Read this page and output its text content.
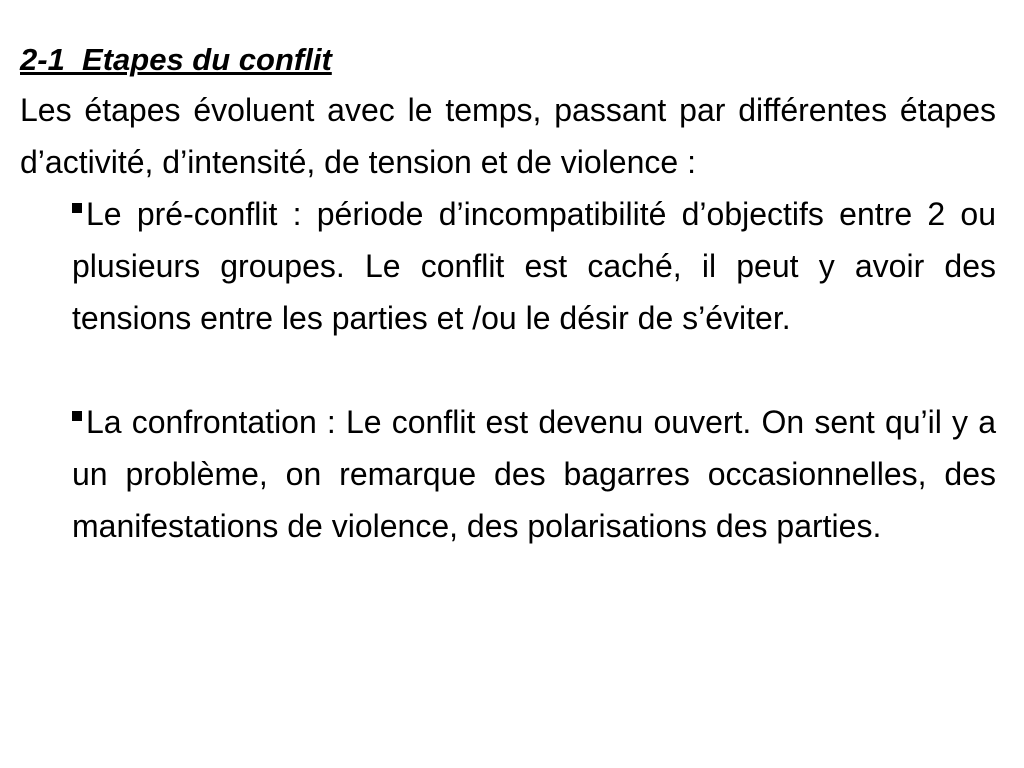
2-1  Etapes du conflit

Les étapes évoluent avec le temps, passant par différentes étapes d’activité, d’intensité, de tension et de violence :

Le pré-conflit : période d’incompatibilité d’objectifs entre 2 ou plusieurs groupes. Le conflit est caché, il peut y avoir des tensions entre les parties et /ou le désir de s’éviter.
La confrontation : Le conflit est devenu ouvert. On sent qu’il y a un problème, on remarque des bagarres occasionnelles, des manifestations de violence, des polarisations des parties.
